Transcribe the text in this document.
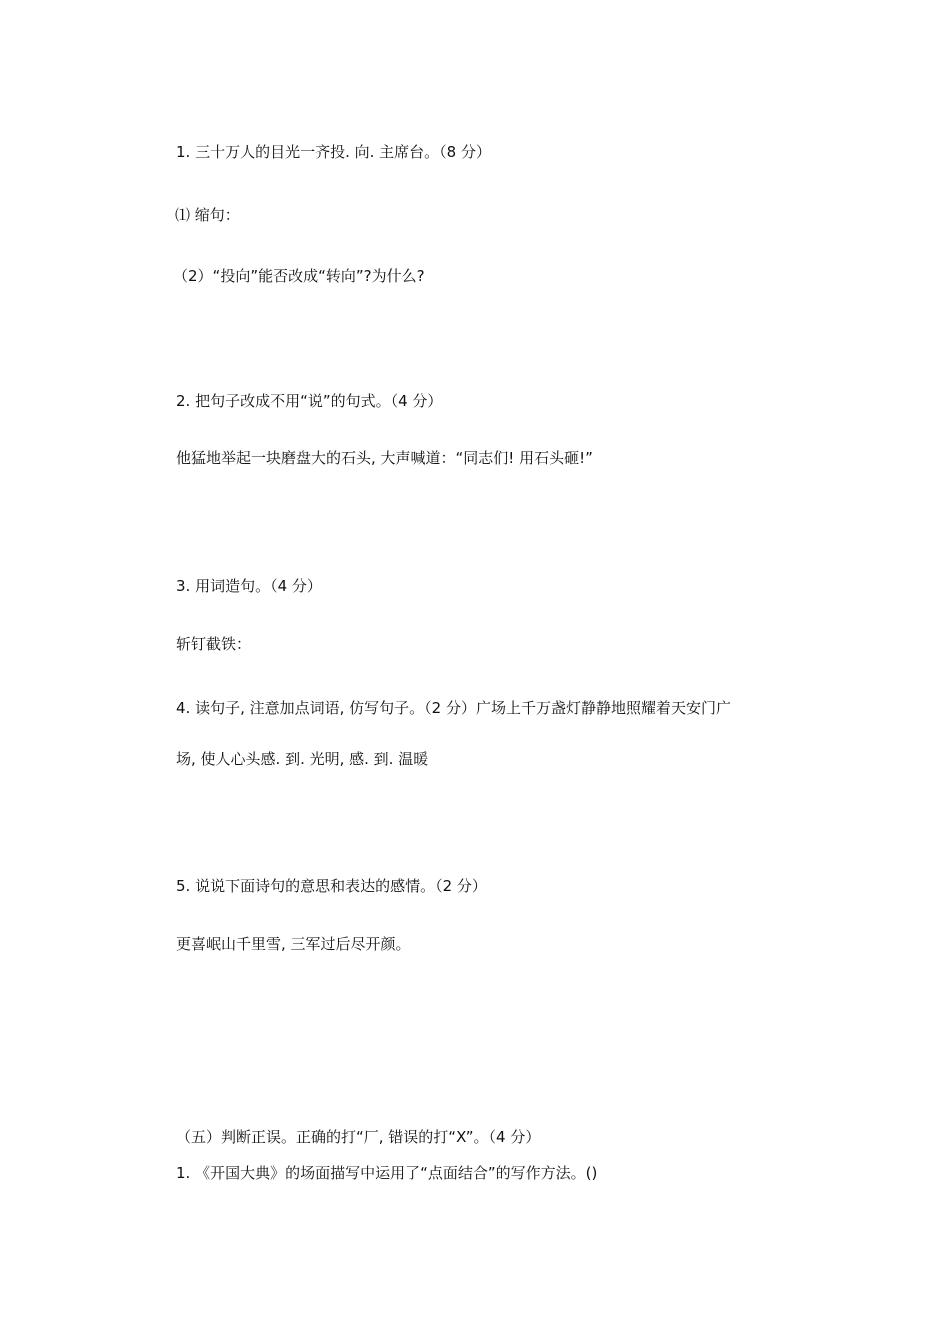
1. 三十万人的目光一齐投. 向. 主席台。（8 分）
⑴ 缩句：
（2）“投向”能否改成“转向”?为什么?
2. 把句子改成不用“说”的句式。（4 分）
他猛地举起一块磨盘大的石头, 大声喊道：“同志们! 用石头砸!”
3. 用词造句。（4 分）
斩钉截铁：
4. 读句子, 注意加点词语, 仿写句子。（2 分）广场上千万盏灯静静地照耀着天安门广
场, 使人心头感. 到. 光明, 感. 到. 温暖
5. 说说下面诗句的意思和表达的感情。（2 分）
更喜岷山千里雪, 三军过后尽开颜。
（五）判断正误。正确的打“厂, 错误的打“X”。（4 分）
1. 《开国大典》的场面描写中运用了“点面结合”的写作方法。()
